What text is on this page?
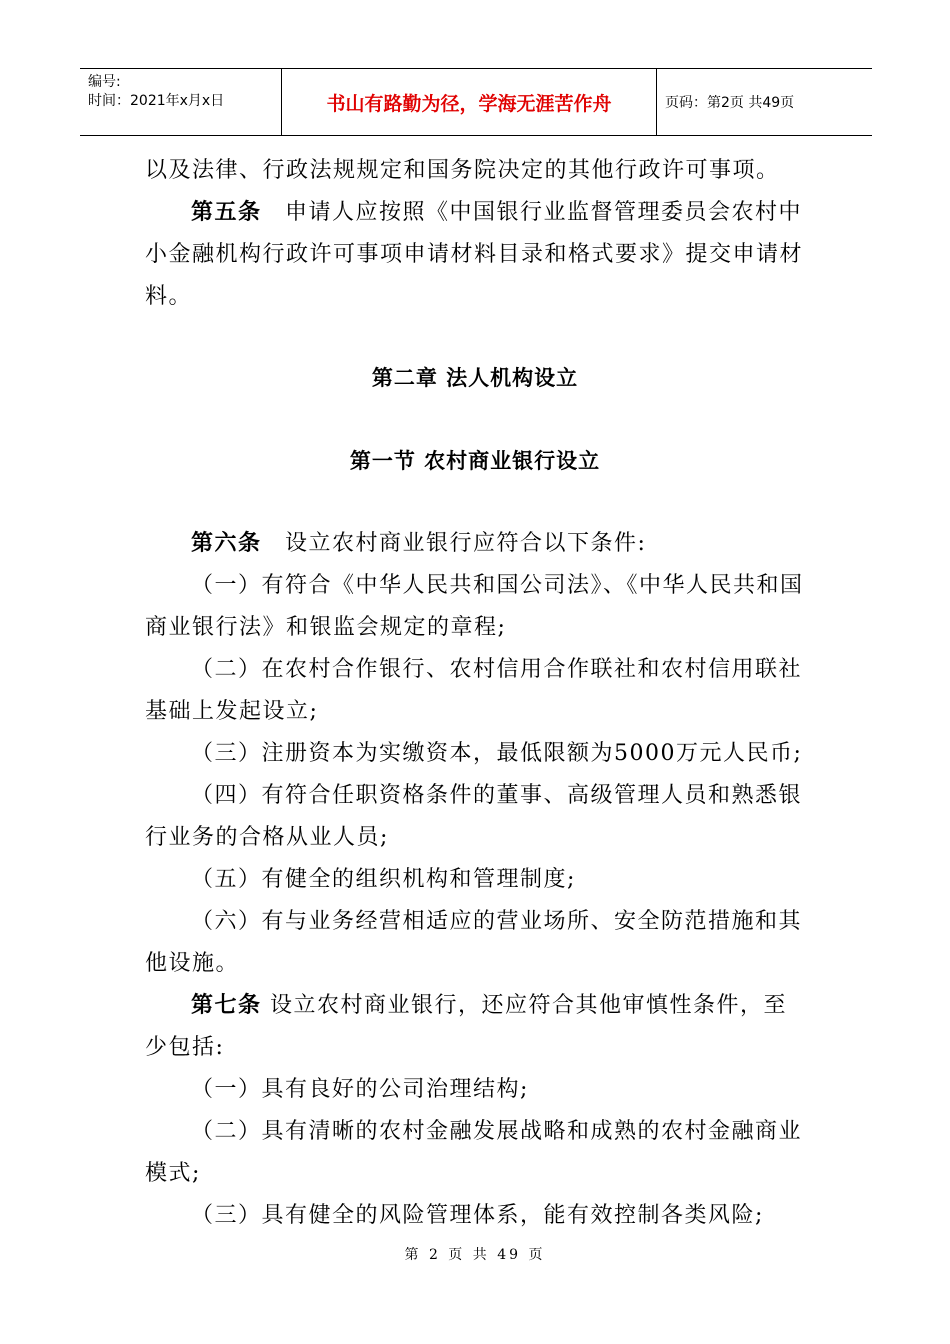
编号:
时间：2021年x月x日	书山有路勤为径，学海无涯苦作舟	页码：第2页 共49页

以及法律、行政法规规定和国务院决定的其他行政许可事项。

第五条　申请人应按照《中国银行业监督管理委员会农村中小金融机构行政许可事项申请材料目录和格式要求》提交申请材料。

第二章 法人机构设立

第一节 农村商业银行设立

第六条　设立农村商业银行应符合以下条件:

（一）有符合《中华人民共和国公司法》、《中华人民共和国商业银行法》和银监会规定的章程;

（二）在农村合作银行、农村信用合作联社和农村信用联社基础上发起设立;

（三）注册资本为实缴资本，最低限额为5000万元人民币;

（四）有符合任职资格条件的董事、高级管理人员和熟悉银行业务的合格从业人员;

（五）有健全的组织机构和管理制度;

（六）有与业务经营相适应的营业场所、安全防范措施和其他设施。

第七条 设立农村商业银行，还应符合其他审慎性条件，至少包括:

（一）具有良好的公司治理结构;

（二）具有清晰的农村金融发展战略和成熟的农村金融商业模式;

（三）具有健全的风险管理体系，能有效控制各类风险;

第 2 页 共 49 页
